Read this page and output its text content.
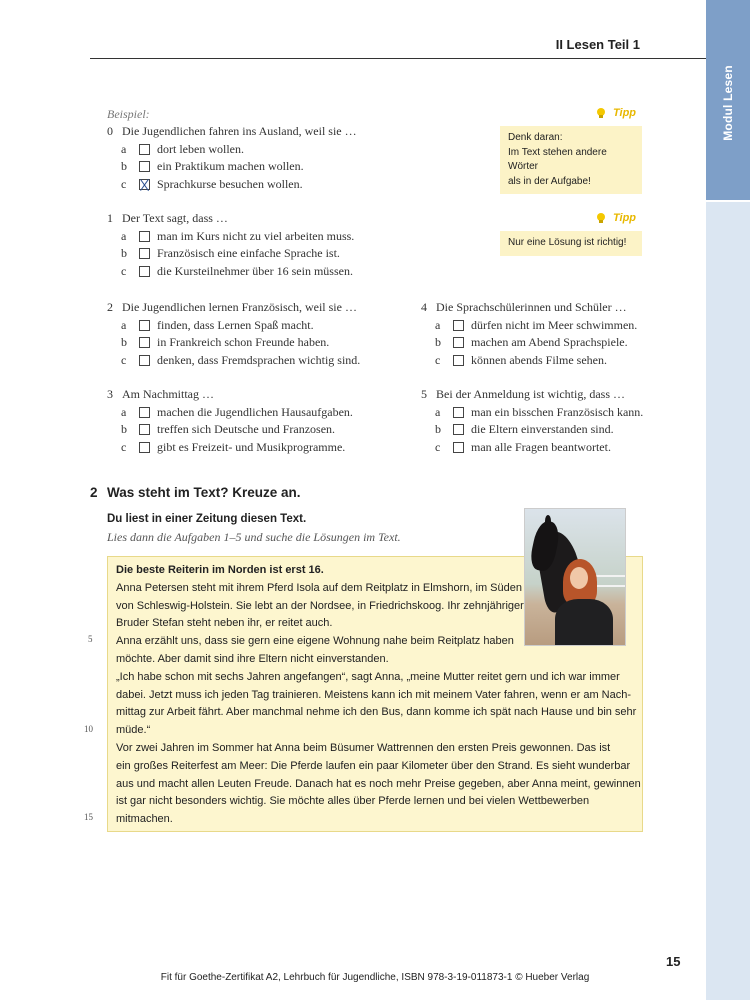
Modul Lesen
II Lesen Teil 1
Beispiel:
0 Die Jugendlichen fahren ins Ausland, weil sie …
a	dort leben wollen.
b	ein Praktikum machen wollen.
c	Sprachkurse besuchen wollen.
1 Der Text sagt, dass …
a	man im Kurs nicht zu viel arbeiten muss.
b	Französisch eine einfache Sprache ist.
c	die Kursteilnehmer über 16 sein müssen.
2 Die Jugendlichen lernen Französisch, weil sie …
a	finden, dass Lernen Spaß macht.
b	in Frankreich schon Freunde haben.
c	denken, dass Fremdsprachen wichtig sind.
3 Am Nachmittag …
a	machen die Jugendlichen Hausaufgaben.
b	treffen sich Deutsche und Franzosen.
c	gibt es Freizeit- und Musikprogramme.
4 Die Sprachschülerinnen und Schüler …
a	dürfen nicht im Meer schwimmen.
b	machen am Abend Sprachspiele.
c	können abends Filme sehen.
5 Bei der Anmeldung ist wichtig, dass …
a	man ein bisschen Französisch kann.
b	die Eltern einverstanden sind.
c	man alle Fragen beantwortet.
Tipp
Denk daran:
Im Text stehen andere Wörter
als in der Aufgabe!
Tipp
Nur eine Lösung ist richtig!
2 Was steht im Text? Kreuze an.
Du liest in einer Zeitung diesen Text.
Lies dann die Aufgaben 1–5 und suche die Lösungen im Text.
Die beste Reiterin im Norden ist erst 16.
Anna Petersen steht mit ihrem Pferd Isola auf dem Reitplatz in Elmshorn, im Süden
von Schleswig-Holstein. Sie lebt an der Nordsee, in Friedrichskoog. Ihr zehnjähriger
Bruder Stefan steht neben ihr, er reitet auch.
Anna erzählt uns, dass sie gern eine eigene Wohnung nahe beim Reitplatz haben
möchte. Aber damit sind ihre Eltern nicht einverstanden.
„Ich habe schon mit sechs Jahren angefangen“, sagt Anna, „meine Mutter reitet gern und ich war immer
dabei. Jetzt muss ich jeden Tag trainieren. Meistens kann ich mit meinem Vater fahren, wenn er am Nach-
mittag zur Arbeit fährt. Aber manchmal nehme ich den Bus, dann komme ich spät nach Hause und bin sehr
müde.“
Vor zwei Jahren im Sommer hat Anna beim Büsumer Wattrennen den ersten Preis gewonnen. Das ist
ein großes Reiterfest am Meer: Die Pferde laufen ein paar Kilometer über den Strand. Es sieht wunderbar
aus und macht allen Leuten Freude. Danach hat es noch mehr Preise gegeben, aber Anna meint, gewinnen
ist gar nicht besonders wichtig. Sie möchte alles über Pferde lernen und bei vielen Wettbewerben
mitmachen.
5
10
15
15
Fit für Goethe-Zertifikat A2, Lehrbuch für Jugendliche, ISBN 978-3-19-011873-1 © Hueber Verlag
